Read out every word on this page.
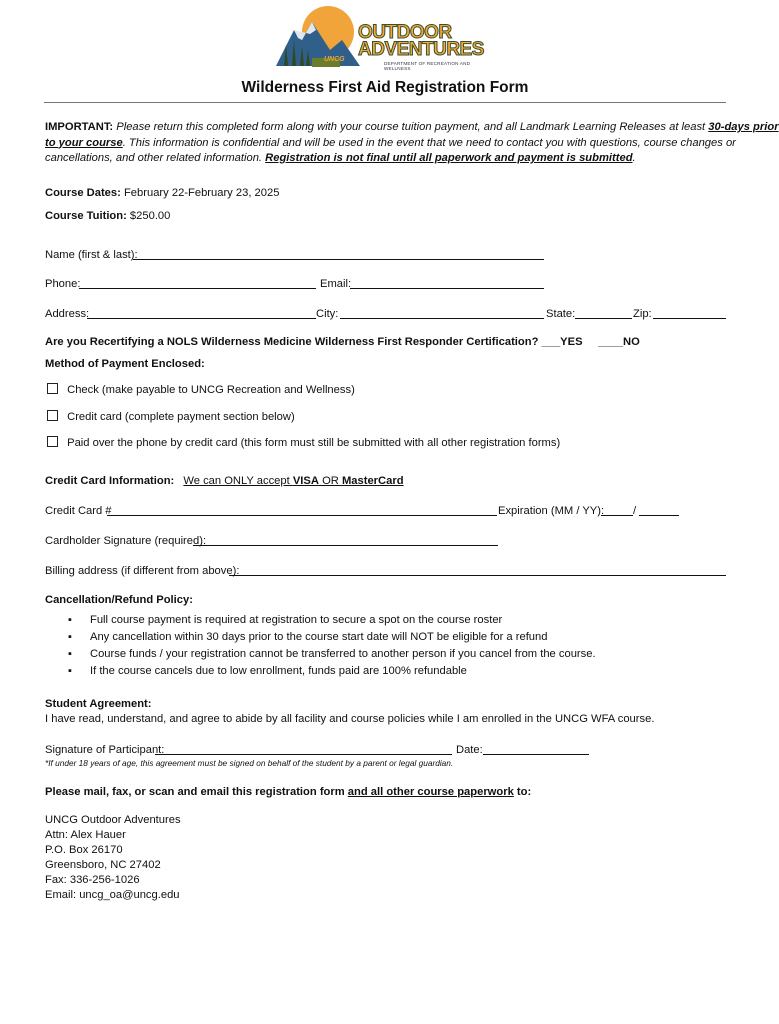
OUTDOOR
ADVENTURES
UNCG
DEPARTMENT OF RECREATION AND WELLNESS
Wilderness First Aid Registration Form

IMPORTANT: Please return this completed form along with your course tuition payment, and all Landmark Learning Releases at least 30-days prior

to your course. This information is confidential and will be used in the event that we need to contact you with questions, course changes or

cancellations, and other related information. Registration is not final until all paperwork and payment is submitted.

Course Dates: February 22-February 23, 2025
Course Tuition: $250.00
Name (first & last):
Phone:	Email:
Address:	City:	State:	Zip:
Are you Recertifying a NOLS Wilderness Medicine Wilderness First Responder Certification? ___YES     ____NO
Method of Payment Enclosed:
Check (make payable to UNCG Recreation and Wellness)
Credit card (complete payment section below)
Paid over the phone by credit card (this form must still be submitted with all other registration forms)
Credit Card Information: We can ONLY accept VISA OR MasterCard
Credit Card #	Expiration (MM / YY):	/
Cardholder Signature (required):
Billing address (if different from above):
Cancellation/Refund Policy:
▪ Full course payment is required at registration to secure a spot on the course roster
▪ Any cancellation within 30 days prior to the course start date will NOT be eligible for a refund
▪ Course funds / your registration cannot be transferred to another person if you cancel from the course.
▪ If the course cancels due to low enrollment, funds paid are 100% refundable
Student Agreement:
I have read, understand, and agree to abide by all facility and course policies while I am enrolled in the UNCG WFA course.
Signature of Participant:	Date:
*If under 18 years of age, this agreement must be signed on behalf of the student by a parent or legal guardian.
Please mail, fax, or scan and email this registration form and all other course paperwork to:
UNCG Outdoor Adventures
Attn: Alex Hauer
P.O. Box 26170
Greensboro, NC 27402
Fax: 336-256-1026
Email: uncg_oa@uncg.edu
